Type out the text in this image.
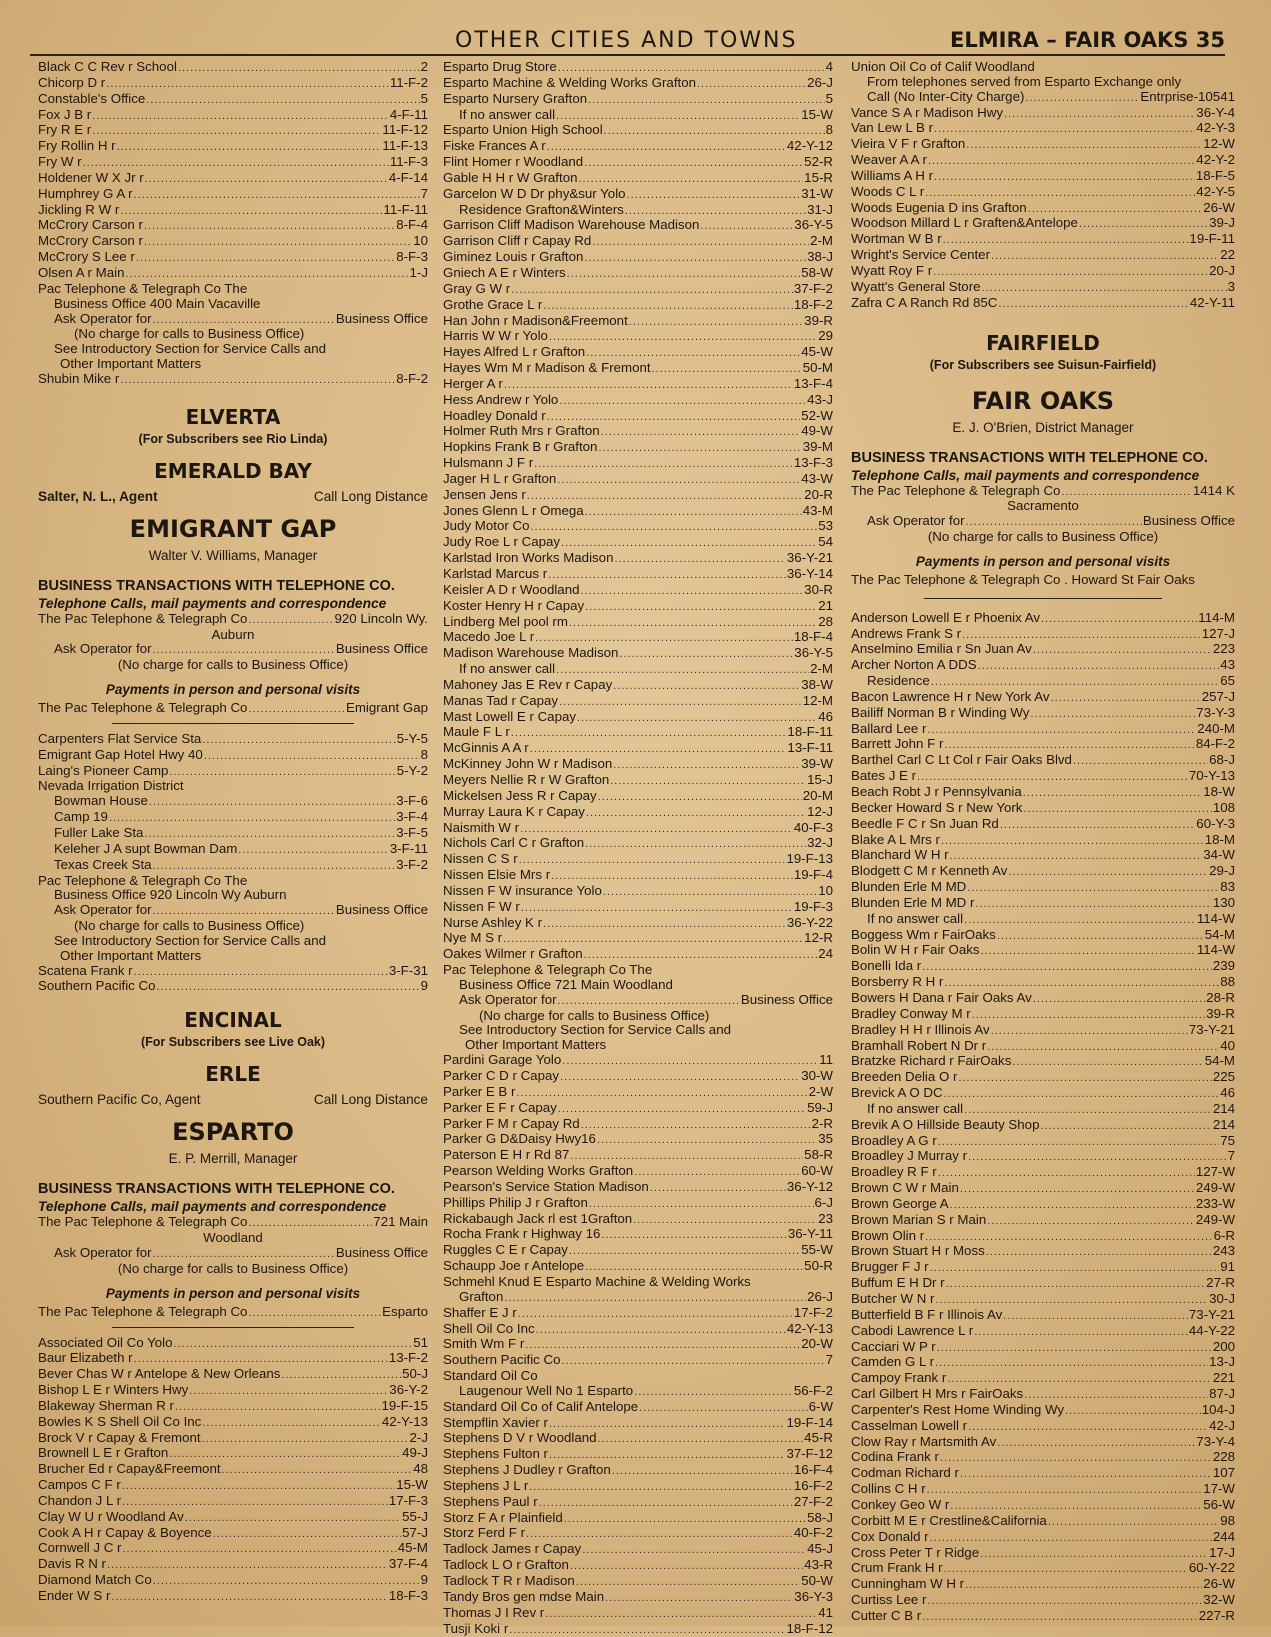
OTHER CITIES AND TOWNS	ELMIRA – FAIR OAKS 35
Black C C Rev r School .....	2
Chicorp D r .....	11-F-2
Constable's Office .....	5
Fox J B r .....	4-F-11
Fry R E r .....	11-F-12
Fry Rollin H r .....	11-F-13
Fry W r .....	11-F-3
Holdener W X Jr r .....	4-F-14
Humphrey G A r .....	7
Jickling R W r .....	11-F-11
McCrory Carson r .....	8-F-4
McCrory Carson r .....	10
McCrory S Lee r .....	8-F-3
Olsen A r Main .....	1-J
Pac Telephone & Telegraph Co The
Business Office 400 Main Vacaville
Ask Operator for .....	Business Office
(No charge for calls to Business Office)
See Introductory Section for Service Calls and
Other Important Matters
Shubin Mike r .....	8-F-2
ELVERTA
(For Subscribers see Rio Linda)
EMERALD BAY
Salter, N. L., Agent	Call Long Distance
EMIGRANT GAP
Walter V. Williams, Manager
BUSINESS TRANSACTIONS WITH TELEPHONE CO.
Telephone Calls, mail payments and correspondence
The Pac Telephone & Telegraph Co .....	920 Lincoln Wy.
Auburn
Ask Operator for .....	Business Office
(No charge for calls to Business Office)
Payments in person and personal visits
The Pac Telephone & Telegraph Co .....	Emigrant Gap
Carpenters Flat Service Sta .....	5-Y-5
Emigrant Gap Hotel Hwy 40 .....	8
Laing's Pioneer Camp .....	5-Y-2
Nevada Irrigation District
Bowman House .....	3-F-6
Camp 19 .....	3-F-4
Fuller Lake Sta .....	3-F-5
Keleher J A supt Bowman Dam .....	3-F-11
Texas Creek Sta .....	3-F-2
Pac Telephone & Telegraph Co The
Business Office 920 Lincoln Wy Auburn
Ask Operator for .....	Business Office
(No charge for calls to Business Office)
See Introductory Section for Service Calls and
Other Important Matters
Scatena Frank r .....	3-F-31
Southern Pacific Co .....	9
ENCINAL
(For Subscribers see Live Oak)
ERLE
Southern Pacific Co, Agent	Call Long Distance
ESPARTO
E. P. Merrill, Manager
BUSINESS TRANSACTIONS WITH TELEPHONE CO.
Telephone Calls, mail payments and correspondence
The Pac Telephone & Telegraph Co .....	721 Main
Woodland
Ask Operator for .....	Business Office
(No charge for calls to Business Office)
Payments in person and personal visits
The Pac Telephone & Telegraph Co .....	Esparto
Associated Oil Co Yolo .....	51
Baur Elizabeth r .....	13-F-2
Bever Chas W r Antelope & New Orleans .....	50-J
Bishop L E r Winters Hwy .....	36-Y-2
Blakeway Sherman R r .....	19-F-15
Bowles K S Shell Oil Co Inc .....	42-Y-13
Brock V r Capay & Fremont .....	2-J
Brownell L E r Grafton .....	49-J
Brucher Ed r Capay&Freemont .....	48
Campos C F r .....	15-W
Chandon J L r .....	17-F-3
Clay W U r Woodland Av .....	55-J
Cook A H r Capay & Boyence .....	57-J
Cornwell J C r .....	45-M
Davis R N r .....	37-F-4
Diamond Match Co .....	9
Ender W S r .....	18-F-3
Esparto Drug Store .....	4
Esparto Machine & Welding Works Grafton .....	26-J
Esparto Nursery Grafton .....	5
If no answer call .....	15-W
Esparto Union High School .....	8
Fiske Frances A r .....	42-Y-12
Flint Homer r Woodland .....	52-R
Gable H H r W Grafton .....	15-R
Garcelon W D Dr phy&sur Yolo .....	31-W
Residence Grafton&Winters .....	31-J
Garrison Cliff Madison Warehouse Madison .....	36-Y-5
Garrison Cliff r Capay Rd .....	2-M
Giminez Louis r Grafton .....	38-J
Gniech A E r Winters .....	58-W
Gray G W r .....	37-F-2
Grothe Grace L r .....	18-F-2
Han John r Madison&Freemont .....	39-R
Harris W W r Yolo .....	29
Hayes Alfred L r Grafton .....	45-W
Hayes Wm M r Madison & Fremont .....	50-M
Herger A r .....	13-F-4
Hess Andrew r Yolo .....	43-J
Hoadley Donald r .....	52-W
Holmer Ruth Mrs r Grafton .....	49-W
Hopkins Frank B r Grafton .....	39-M
Hulsmann J F r .....	13-F-3
Jager H L r Grafton .....	43-W
Jensen Jens r .....	20-R
Jones Glenn L r Omega .....	43-M
Judy Motor Co .....	53
Judy Roe L r Capay .....	54
Karlstad Iron Works Madison .....	36-Y-21
Karlstad Marcus r .....	36-Y-14
Keisler A D r Woodland .....	30-R
Koster Henry H r Capay .....	21
Lindberg Mel pool rm .....	28
Macedo Joe L r .....	18-F-4
Madison Warehouse Madison .....	36-Y-5
If no answer call .....	2-M
Mahoney Jas E Rev r Capay .....	38-W
Manas Tad r Capay .....	12-M
Mast Lowell E r Capay .....	46
Maule F L r .....	18-F-11
McGinnis A A r .....	13-F-11
McKinney John W r Madison .....	39-W
Meyers Nellie R r W Grafton .....	15-J
Mickelsen Jess R r Capay .....	20-M
Murray Laura K r Capay .....	12-J
Naismith W r .....	40-F-3
Nichols Carl C r Grafton .....	32-J
Nissen C S r .....	19-F-13
Nissen Elsie Mrs r .....	19-F-4
Nissen F W insurance Yolo .....	10
Nissen F W r .....	19-F-3
Nurse Ashley K r .....	36-Y-22
Nye M S r .....	12-R
Oakes Wilmer r Grafton .....	24
Pac Telephone & Telegraph Co The
Business Office 721 Main Woodland
Ask Operator for .....	Business Office
(No charge for calls to Business Office)
See Introductory Section for Service Calls and
Other Important Matters
Pardini Garage Yolo .....	11
Parker C D r Capay .....	30-W
Parker E B r .....	2-W
Parker E F r Capay .....	59-J
Parker F M r Capay Rd .....	2-R
Parker G D&Daisy Hwy16 .....	35
Paterson E H r Rd 87 .....	58-R
Pearson Welding Works Grafton .....	60-W
Pearson's Service Station Madison .....	36-Y-12
Phillips Philip J r Grafton .....	6-J
Rickabaugh Jack rl est 1Grafton .....	23
Rocha Frank r Highway 16 .....	36-Y-11
Ruggles C E r Capay .....	55-W
Schaupp Joe r Antelope .....	50-R
Schmehl Knud E Esparto Machine & Welding Works
Grafton .....	26-J
Shaffer E J r .....	17-F-2
Shell Oil Co Inc .....	42-Y-13
Smith Wm F r .....	20-W
Southern Pacific Co .....	7
Standard Oil Co
Laugenour Well No 1 Esparto .....	56-F-2
Standard Oil Co of Calif Antelope .....	6-W
Stempflin Xavier r .....	19-F-14
Stephens D V r Woodland .....	45-R
Stephens Fulton r .....	37-F-12
Stephens J Dudley r Grafton .....	16-F-4
Stephens J L r .....	16-F-2
Stephens Paul r .....	27-F-2
Storz F A r Plainfield .....	58-J
Storz Ferd F r .....	40-F-2
Tadlock James r Capay .....	45-J
Tadlock L O r Grafton .....	43-R
Tadlock T R r Madison .....	50-W
Tandy Bros gen mdse Main .....	36-Y-3
Thomas J I Rev r .....	41
Tusji Koki r .....	18-F-12
Union Oil Co of Calif Woodland
From telephones served from Esparto Exchange only
Call (No Inter-City Charge) .....	Entrprise-10541
Vance S A r Madison Hwy .....	36-Y-4
Van Lew L B r .....	42-Y-3
Vieira V F r Grafton .....	12-W
Weaver A A r .....	42-Y-2
Williams A H r .....	18-F-5
Woods C L r .....	42-Y-5
Woods Eugenia D ins Grafton .....	26-W
Woodson Millard L r Graften&Antelope .....	39-J
Wortman W B r .....	19-F-11
Wright's Service Center .....	22
Wyatt Roy F r .....	20-J
Wyatt's General Store .....	3
Zafra C A Ranch Rd 85C .....	42-Y-11
FAIRFIELD
(For Subscribers see Suisun-Fairfield)
FAIR OAKS
E. J. O'Brien, District Manager
BUSINESS TRANSACTIONS WITH TELEPHONE CO.
Telephone Calls, mail payments and correspondence
The Pac Telephone & Telegraph Co .....	1414 K
Sacramento
Ask Operator for .....	Business Office
(No charge for calls to Business Office)
Payments in person and personal visits
The Pac Telephone & Telegraph Co . Howard St Fair Oaks
Anderson Lowell E r Phoenix Av .....	114-M
Andrews Frank S r .....	127-J
Anselmino Emilia r Sn Juan Av .....	223
Archer Norton A DDS .....	43
Residence .....	65
Bacon Lawrence H r New York Av .....	257-J
Bailiff Norman B r Winding Wy .....	73-Y-3
Ballard Lee r .....	240-M
Barrett John F r .....	84-F-2
Barthel Carl C Lt Col r Fair Oaks Blvd .....	68-J
Bates J E r .....	70-Y-13
Beach Robt J r Pennsylvania .....	18-W
Becker Howard S r New York .....	108
Beedle F C r Sn Juan Rd .....	60-Y-3
Blake A L Mrs r .....	18-M
Blanchard W H r .....	34-W
Blodgett C M r Kenneth Av .....	29-J
Blunden Erle M MD .....	83
Blunden Erle M MD r .....	130
If no answer call .....	114-W
Boggess Wm r FairOaks .....	54-M
Bolin W H r Fair Oaks .....	114-W
Bonelli Ida r .....	239
Borsberry R H r .....	88
Bowers H Dana r Fair Oaks Av .....	28-R
Bradley Conway M r .....	39-R
Bradley H H r Illinois Av .....	73-Y-21
Bramhall Robert N Dr r .....	40
Bratzke Richard r FairOaks .....	54-M
Breeden Delia O r .....	225
Brevick A O DC .....	46
If no answer call .....	214
Brevik A O Hillside Beauty Shop .....	214
Broadley A G r .....	75
Broadley J Murray r .....	7
Broadley R F r .....	127-W
Brown C W r Main .....	249-W
Brown George A .....	233-W
Brown Marian S r Main .....	249-W
Brown Olin r .....	6-R
Brown Stuart H r Moss .....	243
Brugger F J r .....	91
Buffum E H Dr r .....	27-R
Butcher W N r .....	30-J
Butterfield B F r Illinois Av .....	73-Y-21
Cabodi Lawrence L r .....	44-Y-22
Cacciari W P r .....	200
Camden G L r .....	13-J
Campoy Frank r .....	221
Carl Gilbert H Mrs r FairOaks .....	87-J
Carpenter's Rest Home Winding Wy .....	104-J
Casselman Lowell r .....	42-J
Clow Ray r Martsmith Av .....	73-Y-4
Codina Frank r .....	228
Codman Richard r .....	107
Collins C H r .....	17-W
Conkey Geo W r .....	56-W
Corbitt M E r Crestline&California .....	98
Cox Donald r .....	244
Cross Peter T r Ridge .....	17-J
Crum Frank H r .....	60-Y-22
Cunningham W H r .....	26-W
Curtiss Lee r .....	32-W
Cutter C B r .....	227-R
